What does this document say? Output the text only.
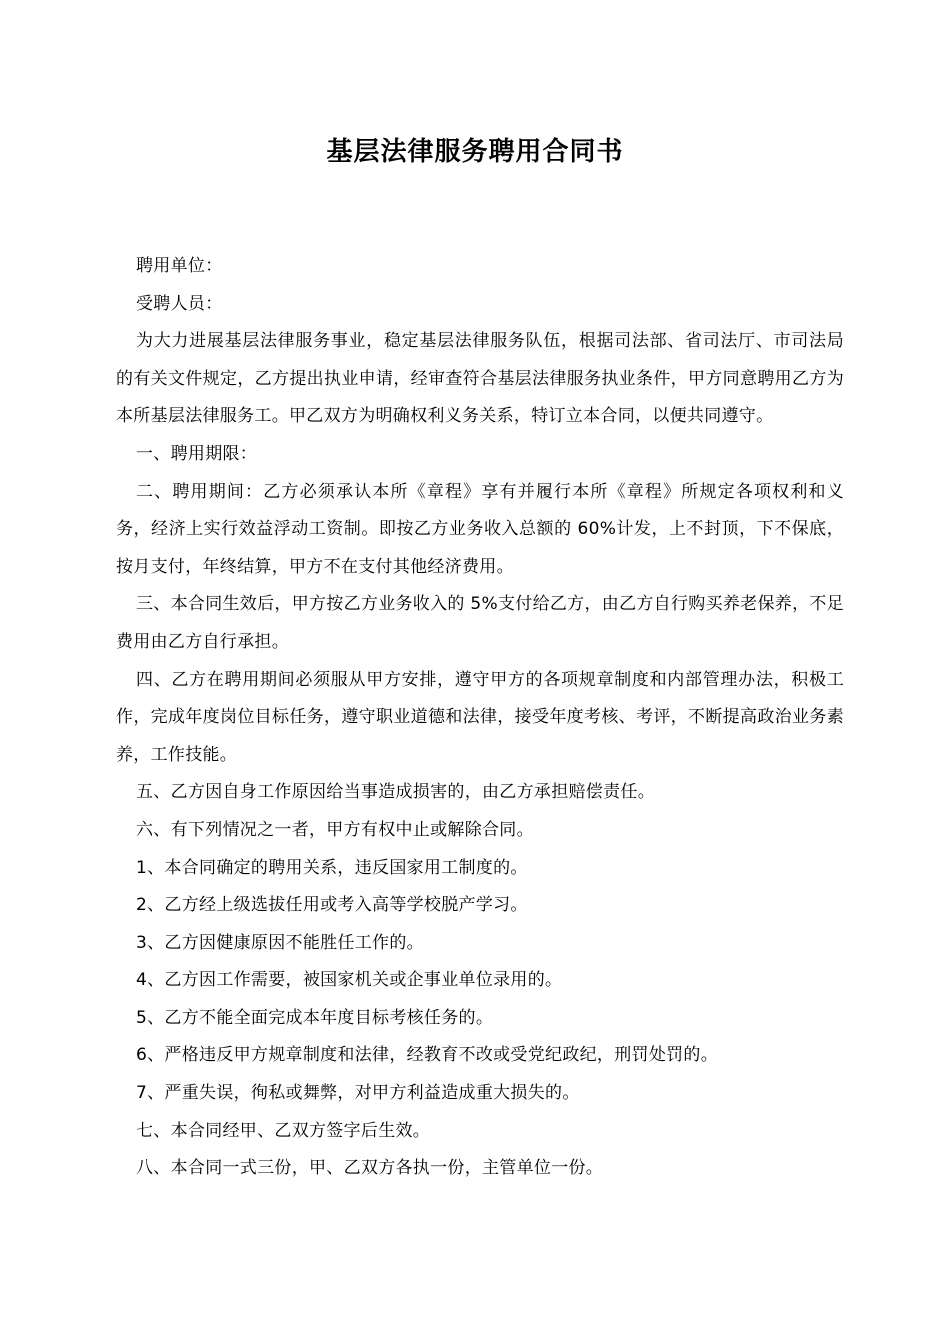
基层法律服务聘用合同书

聘用单位：

受聘人员：

为大力进展基层法律服务事业，稳定基层法律服务队伍，根据司法部、省司法厅、市司法局的有关文件规定，乙方提出执业申请，经审查符合基层法律服务执业条件，甲方同意聘用乙方为本所基层法律服务工。甲乙双方为明确权利义务关系，特订立本合同，以便共同遵守。

一、聘用期限：

二、聘用期间：乙方必须承认本所《章程》享有并履行本所《章程》所规定各项权利和义务，经济上实行效益浮动工资制。即按乙方业务收入总额的 60%计发，上不封顶，下不保底，按月支付，年终结算，甲方不在支付其他经济费用。

三、本合同生效后，甲方按乙方业务收入的 5%支付给乙方，由乙方自行购买养老保养，不足费用由乙方自行承担。

四、乙方在聘用期间必须服从甲方安排，遵守甲方的各项规章制度和内部管理办法，积极工作，完成年度岗位目标任务，遵守职业道德和法律，接受年度考核、考评，不断提高政治业务素养，工作技能。

五、乙方因自身工作原因给当事造成损害的，由乙方承担赔偿责任。

六、有下列情况之一者，甲方有权中止或解除合同。

1、本合同确定的聘用关系，违反国家用工制度的。

2、乙方经上级选拔任用或考入高等学校脱产学习。

3、乙方因健康原因不能胜任工作的。

4、乙方因工作需要，被国家机关或企事业单位录用的。

5、乙方不能全面完成本年度目标考核任务的。

6、严格违反甲方规章制度和法律，经教育不改或受党纪政纪，刑罚处罚的。

7、严重失误，徇私或舞弊，对甲方利益造成重大损失的。

七、本合同经甲、乙双方签字后生效。

八、本合同一式三份，甲、乙双方各执一份，主管单位一份。
